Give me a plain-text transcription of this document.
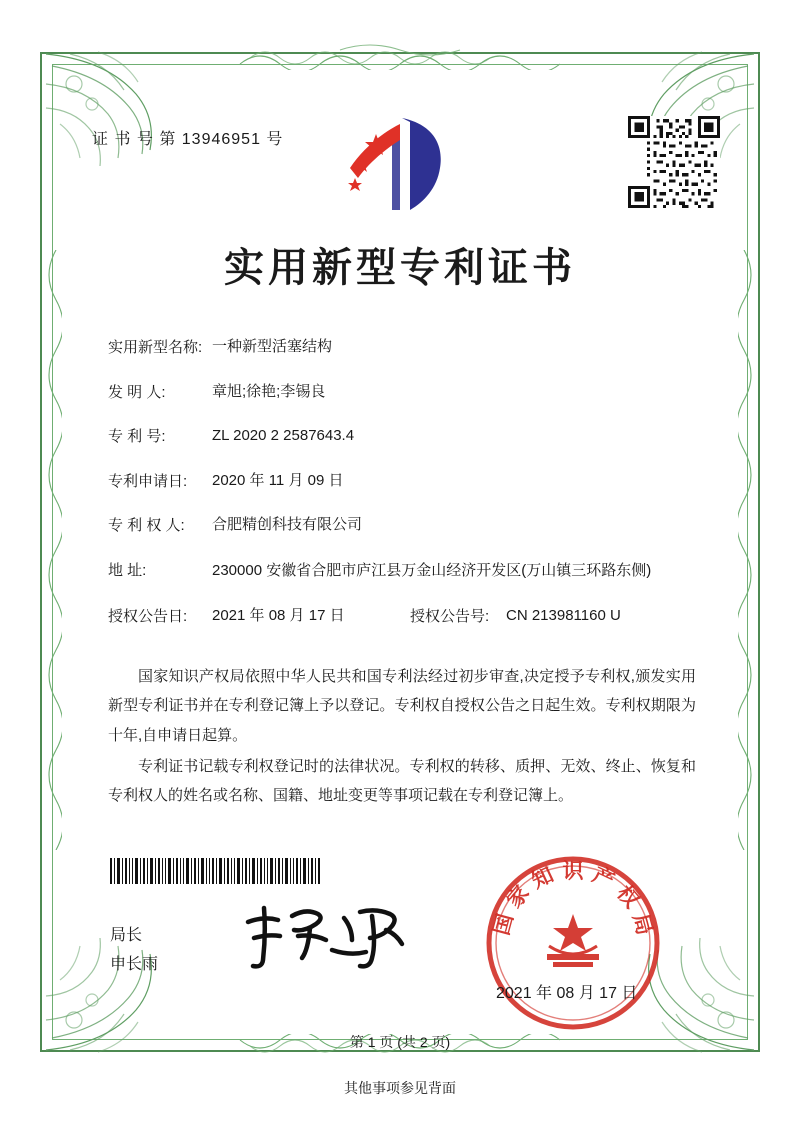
证 书 号 第 13946951 号
实用新型专利证书
实用新型名称: 一种新型活塞结构
发 明 人:	章旭;徐艳;李锡良
专 利 号:	ZL 2020 2 2587643.4
专利申请日:	2020 年 11 月 09 日
专 利 权 人:	合肥精创科技有限公司
地 址:	230000 安徽省合肥市庐江县万金山经济开发区(万山镇三环路东侧)
授权公告日:	2021 年 08 月 17 日	授权公告号:	CN 213981160 U

国家知识产权局依照中华人民共和国专利法经过初步审查,决定授予专利权,颁发实用新型专利证书并在专利登记簿上予以登记。专利权自授权公告之日起生效。专利权期限为十年,自申请日起算。

专利证书记载专利权登记时的法律状况。专利权的转移、质押、无效、终止、恢复和专利权人的姓名或名称、国籍、地址变更等事项记载在专利登记簿上。

局长
申长雨
国
家
知 识 产
权
局
2021 年 08 月 17 日
第 1 页 (共 2 页)
其他事项参见背面
